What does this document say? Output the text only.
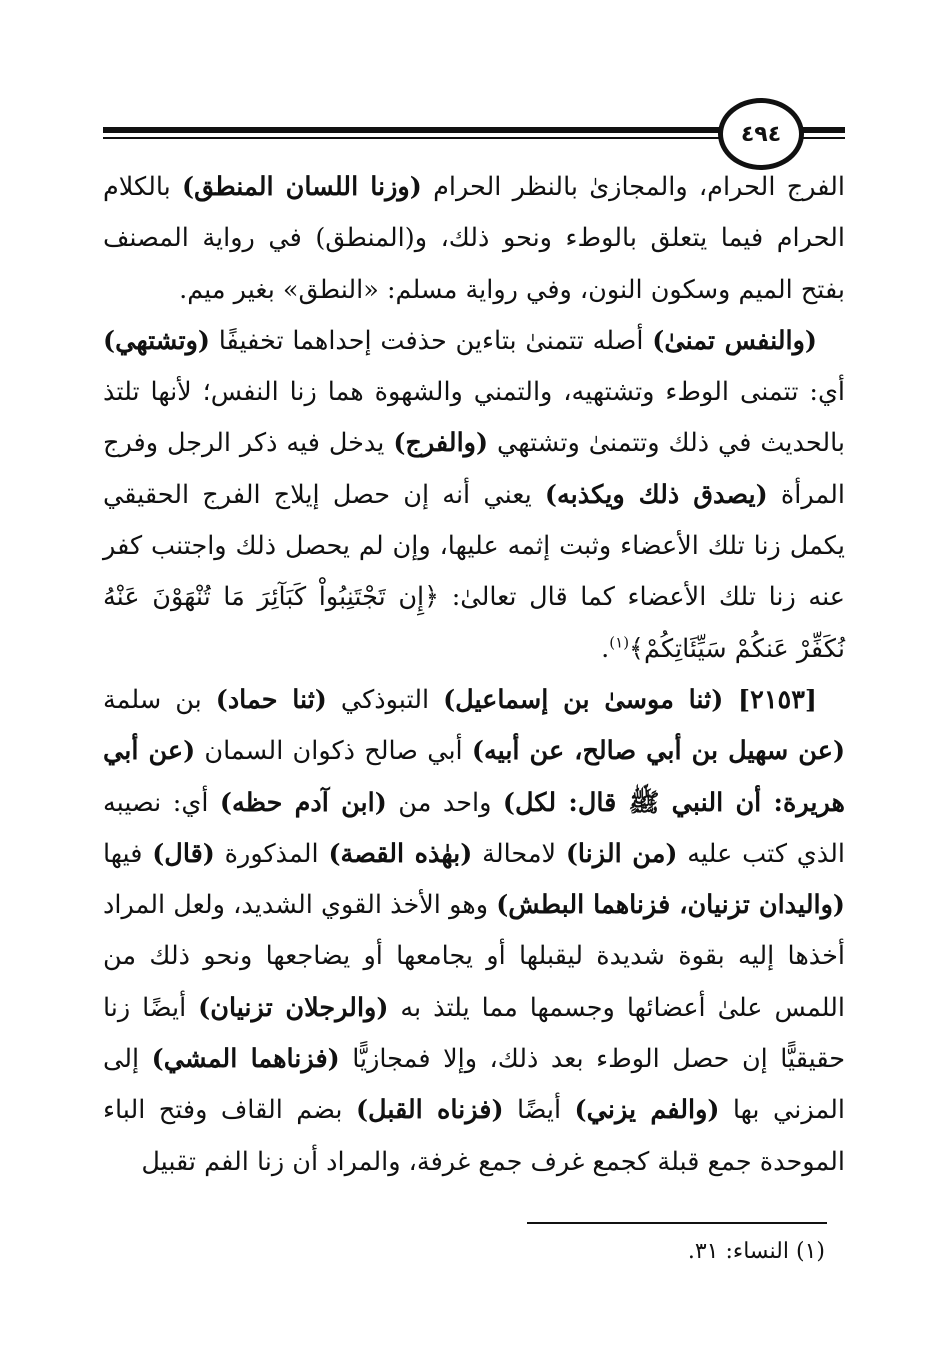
٤٩٤

الفرج الحرام، والمجازىٰ بالنظر الحرام (وزنا اللسان المنطق) بالكلام الحرام فيما يتعلق بالوطء ونحو ذلك، و(المنطق) في رواية المصنف بفتح الميم وسكون النون، وفي رواية مسلم: «النطق» بغير ميم.

(والنفس تمنىٰ) أصله تتمنىٰ بتاءين حذفت إحداهما تخفيفًا (وتشتهي) أي: تتمنى الوطء وتشتهيه، والتمني والشهوة هما زنا النفس؛ لأنها تلتذ بالحديث في ذلك وتتمنىٰ وتشتهي (والفرج) يدخل فيه ذكر الرجل وفرج المرأة (يصدق ذلك ويكذبه) يعني أنه إن حصل إيلاج الفرج الحقيقي يكمل زنا تلك الأعضاء وثبت إثمه عليها، وإن لم يحصل ذلك واجتنب كفر عنه زنا تلك الأعضاء كما قال تعالىٰ: ﴿إِن تَجْتَنِبُواْ كَبَآئِرَ مَا تُنْهَوْنَ عَنْهُ نُكَفِّرْ عَنكُمْ سَيِّئَاتِكُمْ﴾$^{(١)}$.

[٢١٥٣] (ثنا موسىٰ بن إسماعيل) التبوذكي (ثنا حماد) بن سلمة (عن سهيل بن أبي صالح، عن أبيه) أبي صالح ذكوان السمان (عن أبي هريرة: أن النبي ﷺ قال: لكل) واحد من (ابن آدم حظه) أي: نصيبه الذي كتب عليه (من الزنا) لامحالة (بهٰذه القصة) المذكورة (قال) فيها (واليدان تزنيان، فزناهما البطش) وهو الأخذ القوي الشديد، ولعل المراد أخذها إليه بقوة شديدة ليقبلها أو يجامعها أو يضاجعها ونحو ذلك من اللمس علىٰ أعضائها وجسمها مما يلتذ به (والرجلان تزنيان) أيضًا زنا حقيقيًّا إن حصل الوطء بعد ذلك، وإلا فمجازيًّا (فزناهما المشي) إلى المزني بها (والفم يزني) أيضًا (فزناه القبل) بضم القاف وفتح الباء الموحدة جمع قبلة كجمع غرف جمع غرفة، والمراد أن زنا الفم تقبيل

(١) النساء: ٣١.
